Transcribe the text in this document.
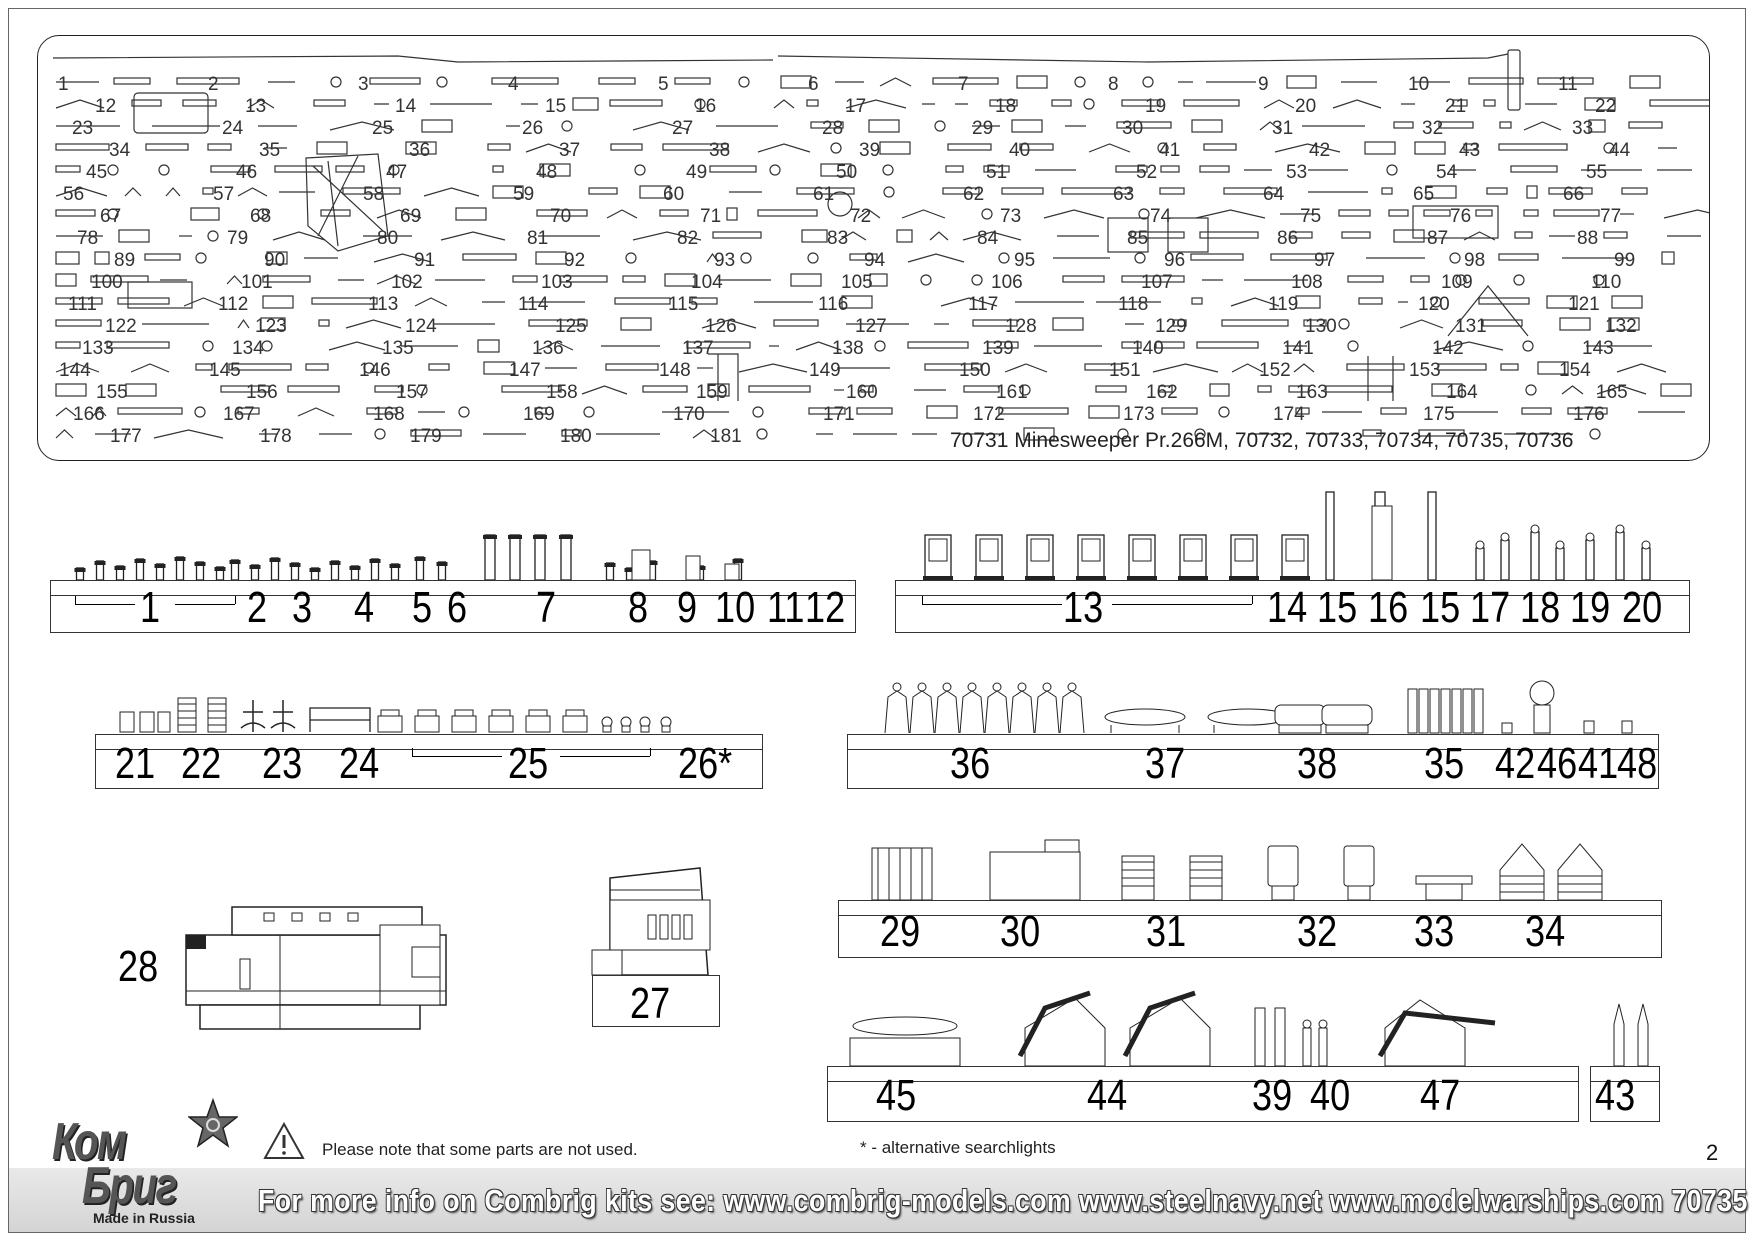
1	2	3	4	5	6	7	8	9	10	11
12	13	14	15	16	17	18	19	20	21	22
23	24	25	26	27	28	29	30	31	32	33
34	35	36	37	38	39	40	41	42	43	44
45	46	47	48	49	50	51	52	53	54	55
56	57	58	59	60	61	62	63	64	65	66
67	68	69	70	71	72	73	74	75	76	77
78	79	80	81	82	83	84	85	86	87	88
89	90	91	92	93	94	95	96	97	98	99
100	101	102	103	104	105	106	107	108	109	110
111	112	113	114	115	116	117	118	119	120	121
122	123	124	125	126	127	128	129	130	131	132
133	134	135	136	137	138	139	140	141	142	143
144	145	146	147	148	149	150	151	152	153	154
155	156	157	158	159	160	161	162	163	164	165
166	167	168	169	170	171	172	173	174	175	176
177	178	179	180	181	70731 Minesweeper Pr.266M, 70732, 70733, 70734, 70735, 70736
1 2 3 4 5 6 7 8 9 10 11 12	13	14 15 16 15 17 18 19 20
21 22 23 24	25	26*	36	37	38 35 42 46 41
48
29 30 31	32 33 34
45	44	39 40 47	43
28
27
Please note that some parts are not used.	* - alternative searchlights	2
For more info on Combrig kits see: www.combrig-models.com www.steelnavy.net www.modelwarships.com 70735
Ком
Бриг
Made in Russia
